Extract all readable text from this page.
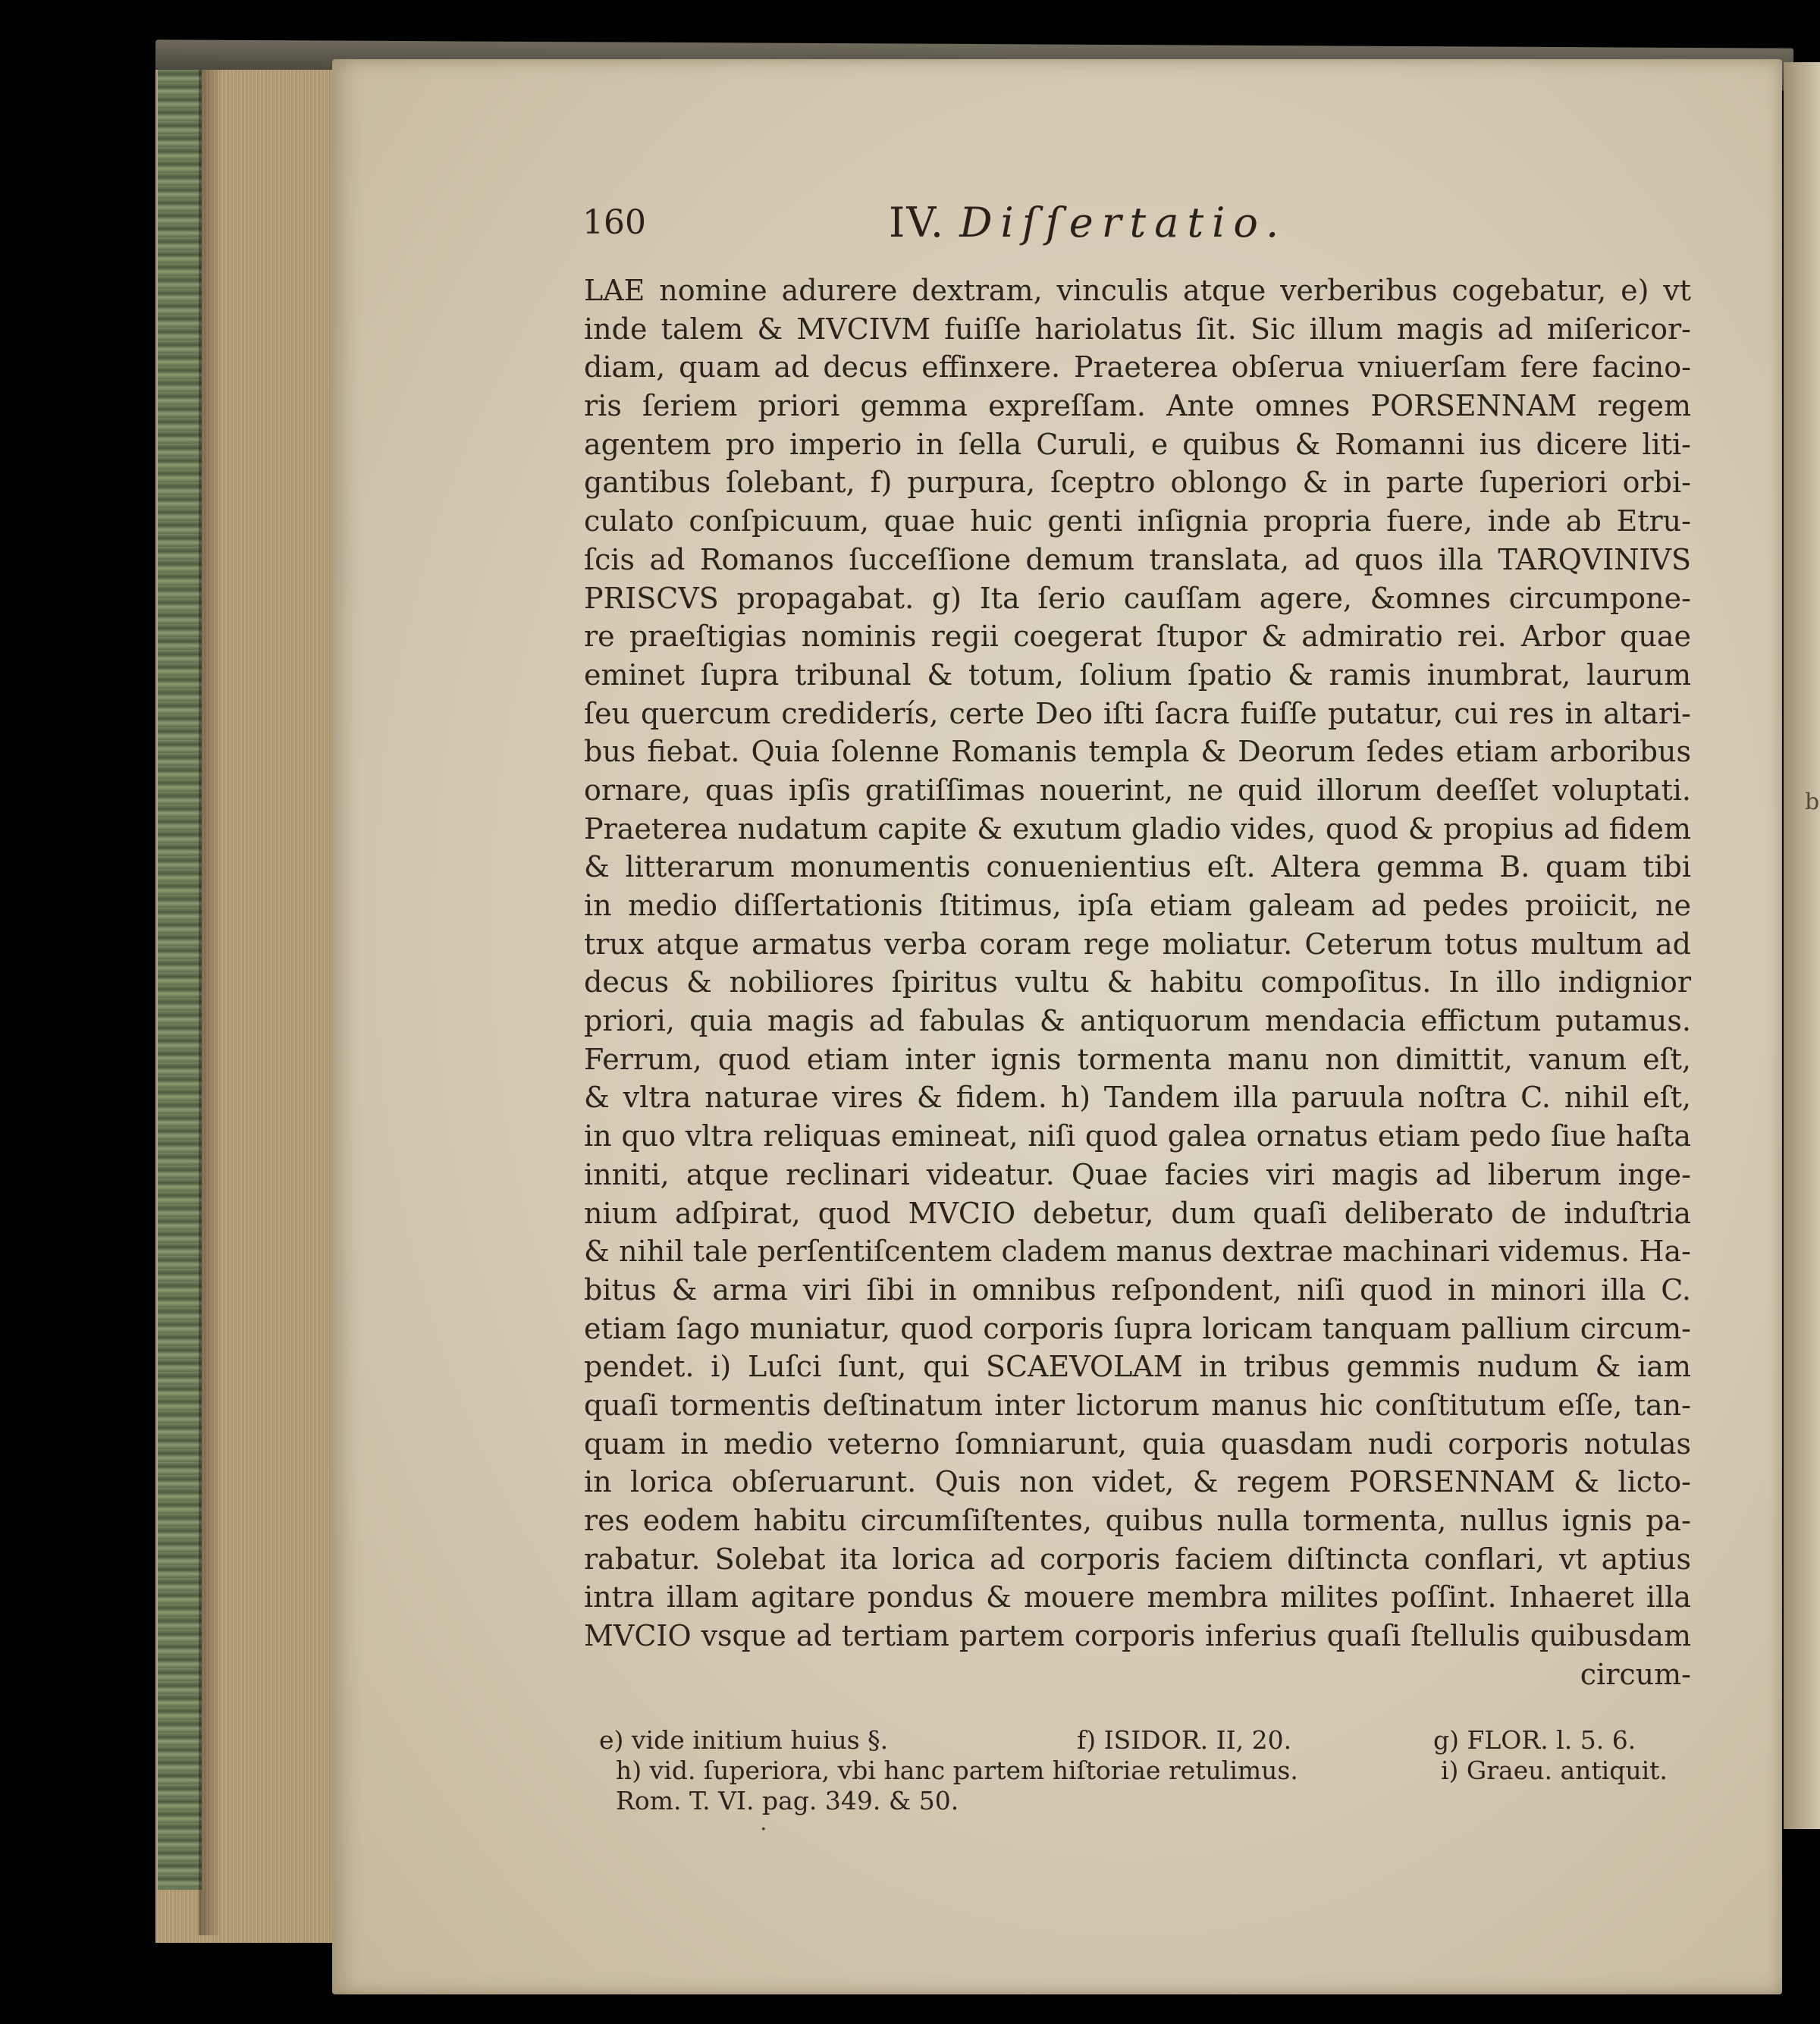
b
160	IV. Diſſertatio.
LAE nomine adurere dextram, vinculis atque verberibus cogebatur, e) vt
inde talem & MVCIVM fuiſſe hariolatus ſit. Sic illum magis ad miſericor-
diam, quam ad decus effinxere. Praeterea obſerua vniuerſam fere facino-
ris ſeriem priori gemma expreſſam. Ante omnes PORSENNAM regem
agentem pro imperio in ſella Curuli, e quibus & Romanni ius dicere liti-
gantibus ſolebant, f) purpura, ſceptro oblongo & in parte ſuperiori orbi-
culato conſpicuum, quae huic genti inſignia propria fuere, inde ab Etru-
ſcis ad Romanos ſucceſſione demum translata, ad quos illa TARQVINIVS
PRISCVS propagabat. g) Ita ſerio cauſſam agere, &omnes circumpone-
re praeſtigias nominis regii coegerat ſtupor & admiratio rei. Arbor quae
eminet ſupra tribunal & totum, ſolium ſpatio & ramis inumbrat, laurum
ſeu quercum crediderís, certe Deo iſti ſacra fuiſſe putatur, cui res in altari-
bus fiebat. Quia ſolenne Romanis templa & Deorum ſedes etiam arboribus
ornare, quas ipſis gratiſſimas nouerint, ne quid illorum deeſſet voluptati.
Praeterea nudatum capite & exutum gladio vides, quod & propius ad fidem
& litterarum monumentis conuenientius eſt. Altera gemma B. quam tibi
in medio diſſertationis ſtitimus, ipſa etiam galeam ad pedes proiicit, ne
trux atque armatus verba coram rege moliatur. Ceterum totus multum ad
decus & nobiliores ſpiritus vultu & habitu compoſitus. In illo indignior
priori, quia magis ad fabulas & antiquorum mendacia effictum putamus.
Ferrum, quod etiam inter ignis tormenta manu non dimittit, vanum eſt,
& vltra naturae vires & fidem. h) Tandem illa paruula noſtra C. nihil eſt,
in quo vltra reliquas emineat, niſi quod galea ornatus etiam pedo ſiue haſta
inniti, atque reclinari videatur. Quae facies viri magis ad liberum inge-
nium adſpirat, quod MVCIO debetur, dum quaſi deliberato de induſtria
& nihil tale perſentiſcentem cladem manus dextrae machinari videmus. Ha-
bitus & arma viri ſibi in omnibus reſpondent, niſi quod in minori illa C.
etiam ſago muniatur, quod corporis ſupra loricam tanquam pallium circum-
pendet. i) Luſci ſunt, qui SCAEVOLAM in tribus gemmis nudum & iam
quaſi tormentis deſtinatum inter lictorum manus hic conſtitutum eſſe, tan-
quam in medio veterno ſomniarunt, quia quasdam nudi corporis notulas
in lorica obſeruarunt. Quis non videt, & regem PORSENNAM & licto-
res eodem habitu circumſiſtentes, quibus nulla tormenta, nullus ignis pa-
rabatur. Solebat ita lorica ad corporis faciem diſtincta conflari, vt aptius
intra illam agitare pondus & mouere membra milites poſſint. Inhaeret illa
MVCIO vsque ad tertiam partem corporis inferius quaſi ſtellulis quibusdam
circum-
e) vide initium huius §.	f) ISIDOR. II, 20.	g) FLOR. l. 5. 6.
h) vid. ſuperiora, vbi hanc partem hiſtoriae retulimus.	i) Graeu. antiquit.
Rom. T. VI. pag. 349. & 50.
·
